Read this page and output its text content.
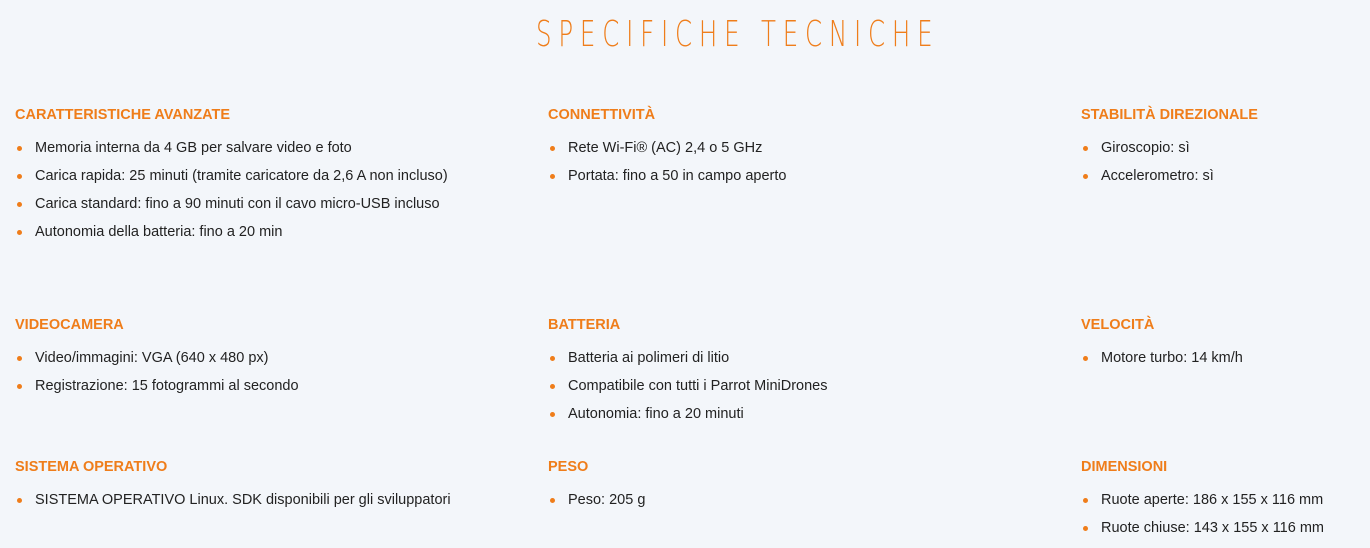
SPECIFICHE TECNICHE
CARATTERISTICHE AVANZATE
Memoria interna da 4 GB per salvare video e foto
Carica rapida: 25 minuti (tramite caricatore da 2,6 A non incluso)
Carica standard: fino a 90 minuti con il cavo micro-USB incluso
Autonomia della batteria: fino a 20 min
CONNETTIVITÀ
Rete Wi-Fi® (AC) 2,4 o 5 GHz
Portata: fino a 50 in campo aperto
STABILITÀ DIREZIONALE
Giroscopio: sì
Accelerometro: sì
VIDEOCAMERA
Video/immagini: VGA (640 x 480 px)
Registrazione: 15 fotogrammi al secondo
BATTERIA
Batteria ai polimeri di litio
Compatibile con tutti i Parrot MiniDrones
Autonomia: fino a 20 minuti
VELOCITÀ
Motore turbo: 14 km/h
SISTEMA OPERATIVO
SISTEMA OPERATIVO Linux. SDK disponibili per gli sviluppatori
PESO
Peso: 205 g
DIMENSIONI
Ruote aperte: 186 x 155 x 116 mm
Ruote chiuse: 143 x 155 x 116 mm
